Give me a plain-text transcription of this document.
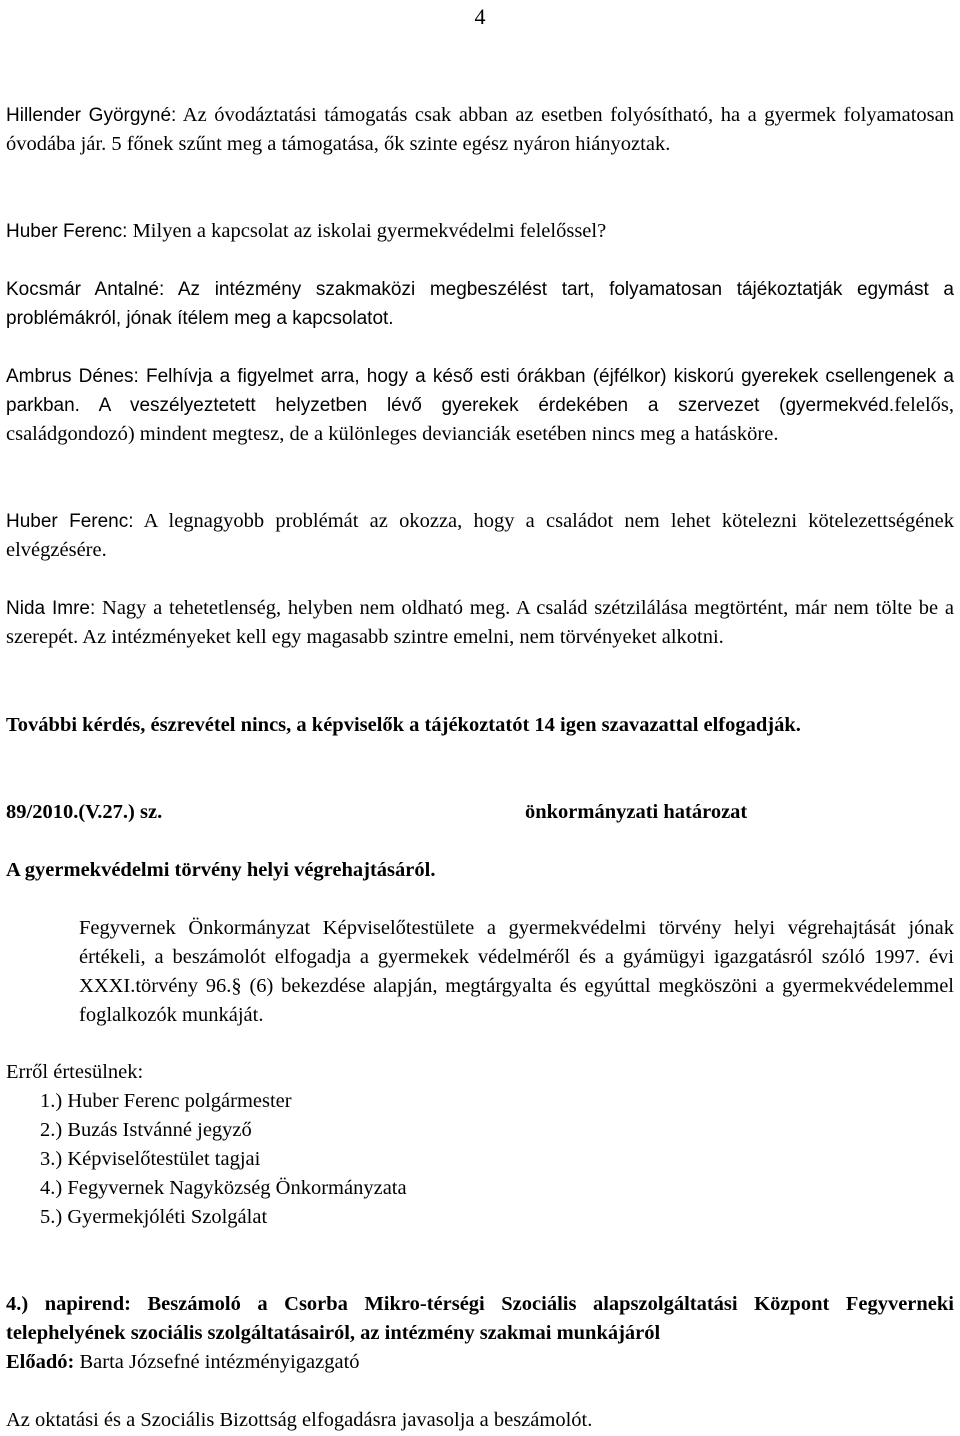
4

Hillender Györgyné: Az óvodáztatási támogatás csak abban az esetben folyósítható, ha a gyermek folyamatosan óvodába jár. 5 főnek szűnt meg a támogatása, ők szinte egész nyáron hiányoztak.

Huber Ferenc: Milyen a kapcsolat az iskolai gyermekvédelmi felelőssel?

Kocsmár Antalné: Az intézmény szakmaközi megbeszélést tart, folyamatosan tájékoztatják egymást a problémákról, jónak ítélem meg a kapcsolatot.

Ambrus Dénes: Felhívja a figyelmet arra, hogy a késő esti órákban (éjfélkor) kiskorú gyerekek csellengenek a parkban. A veszélyeztetett helyzetben lévő gyerekek érdekében a szervezet (gyermekvéd.felelős, családgondozó) mindent megtesz, de a különleges devianciák esetében nincs meg a hatásköre.

Huber Ferenc: A legnagyobb problémát az okozza, hogy a családot nem lehet kötelezni kötelezettségének elvégzésére.

Nida Imre: Nagy a tehetetlenség, helyben nem oldható meg. A család szétzilálása megtörtént, már nem tölte be a szerepét. Az intézményeket kell egy magasabb szintre emelni, nem törvényeket alkotni.

További kérdés, észrevétel nincs, a képviselők a tájékoztatót 14 igen szavazattal elfogadják.

89/2010.(V.27.) sz.	önkormányzati határozat
A gyermekvédelmi törvény helyi végrehajtásáról.

Fegyvernek Önkormányzat Képviselőtestülete a gyermekvédelmi törvény helyi végrehajtását jónak értékeli, a beszámolót elfogadja a gyermekek védelméről és a gyámügyi igazgatásról szóló 1997. évi XXXI.törvény 96.§ (6) bekezdése alapján, megtárgyalta és egyúttal megköszöni a gyermekvédelemmel foglalkozók munkáját.

Erről értesülnek:
1.) Huber Ferenc polgármester
2.) Buzás Istvánné jegyző
3.) Képviselőtestület tagjai
4.) Fegyvernek Nagyközség Önkormányzata
5.) Gyermekjóléti Szolgálat

4.) napirend: Beszámoló a Csorba Mikro-térségi Szociális alapszolgáltatási Központ Fegyverneki telephelyének szociális szolgáltatásairól, az intézmény szakmai munkájáról

Előadó: Barta Józsefné intézményigazgató
Az oktatási és a Szociális Bizottság elfogadásra javasolja a beszámolót.
